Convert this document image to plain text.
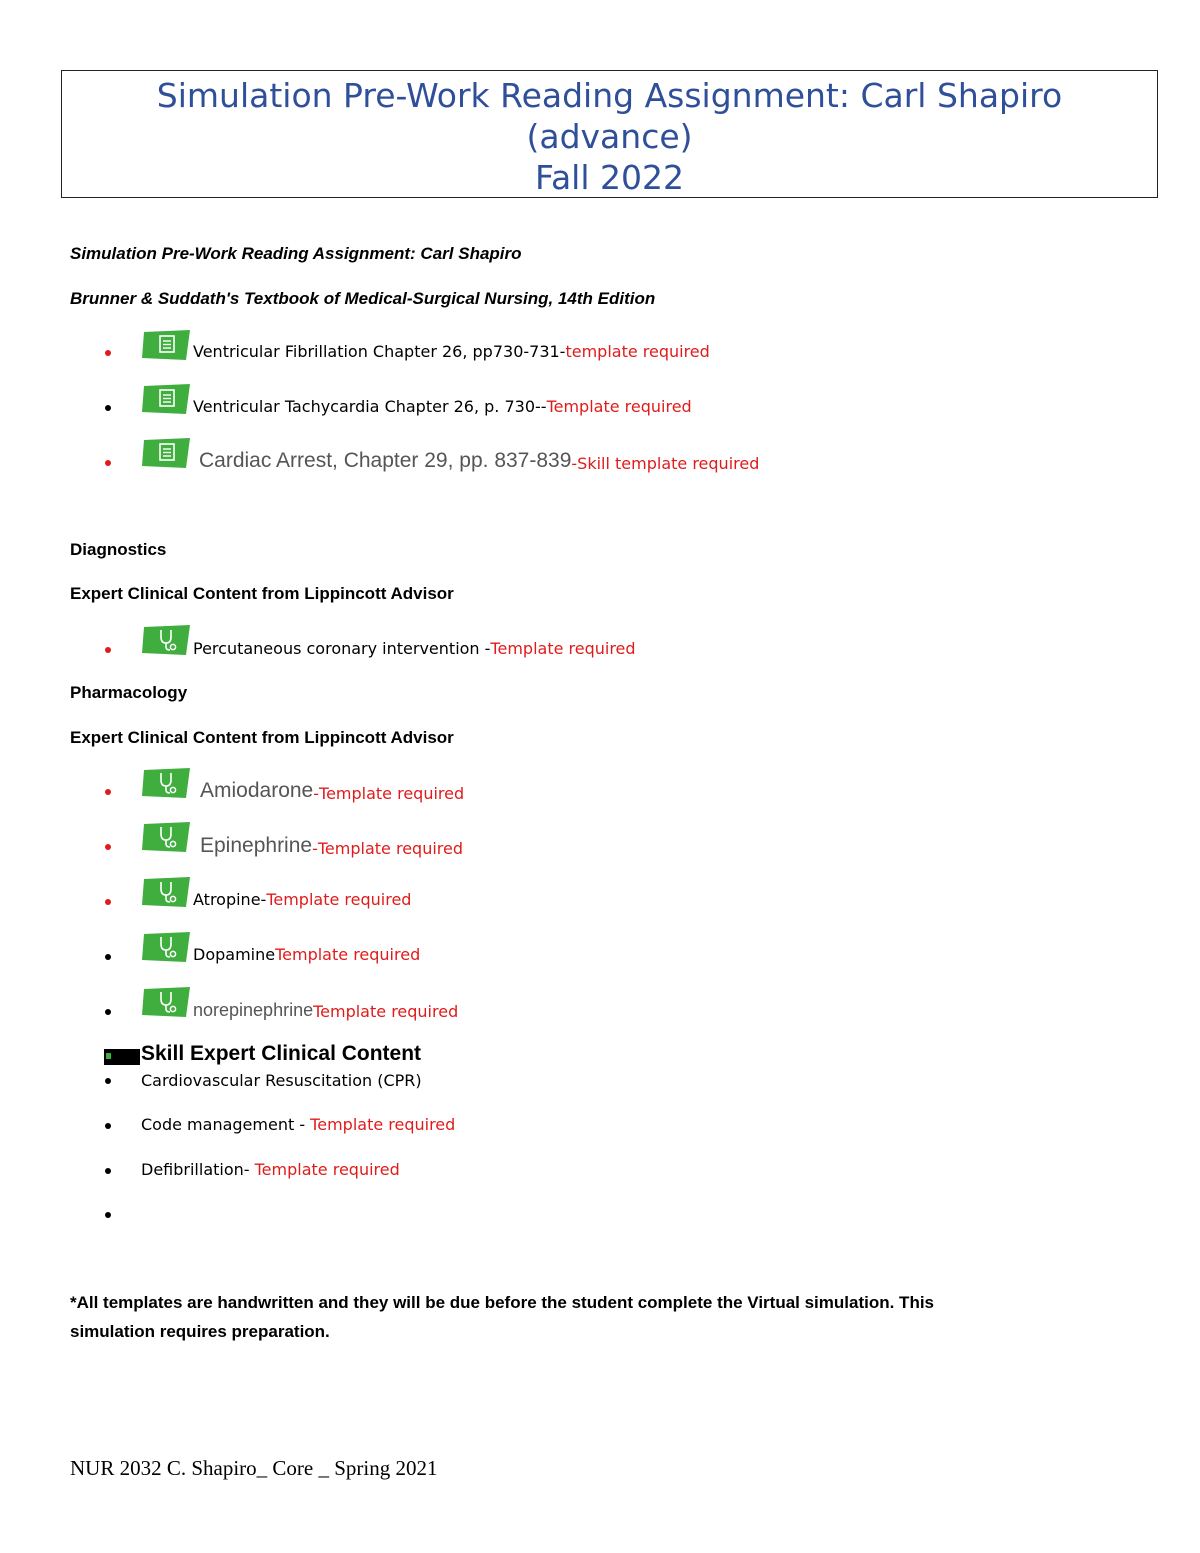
Simulation Pre-Work Reading Assignment: Carl Shapiro
(advance)
Fall 2022
Simulation Pre-Work Reading Assignment: Carl Shapiro
Brunner & Suddath's Textbook of Medical-Surgical Nursing, 14th Edition
Ventricular Fibrillation Chapter 26, pp730-731- template required
Ventricular Tachycardia Chapter 26, p. 730-- Template required
Cardiac Arrest, Chapter 29, pp. 837-839 - Skill template required
Diagnostics
Expert Clinical Content from Lippincott Advisor
Percutaneous coronary intervention - Template required
Pharmacology
Expert Clinical Content from Lippincott Advisor
Amiodarone - Template required
Epinephrine - Template required
Atropine- Template required
Dopamine Template required
norepinephrine Template required
Skill Expert Clinical Content
Cardiovascular Resuscitation (CPR)
Code management - Template required
Defibrillation- Template required
*All templates are handwritten and they will be due before the student complete the Virtual simulation. This
simulation requires preparation.
NUR 2032 C. Shapiro_ Core _ Spring 2021
